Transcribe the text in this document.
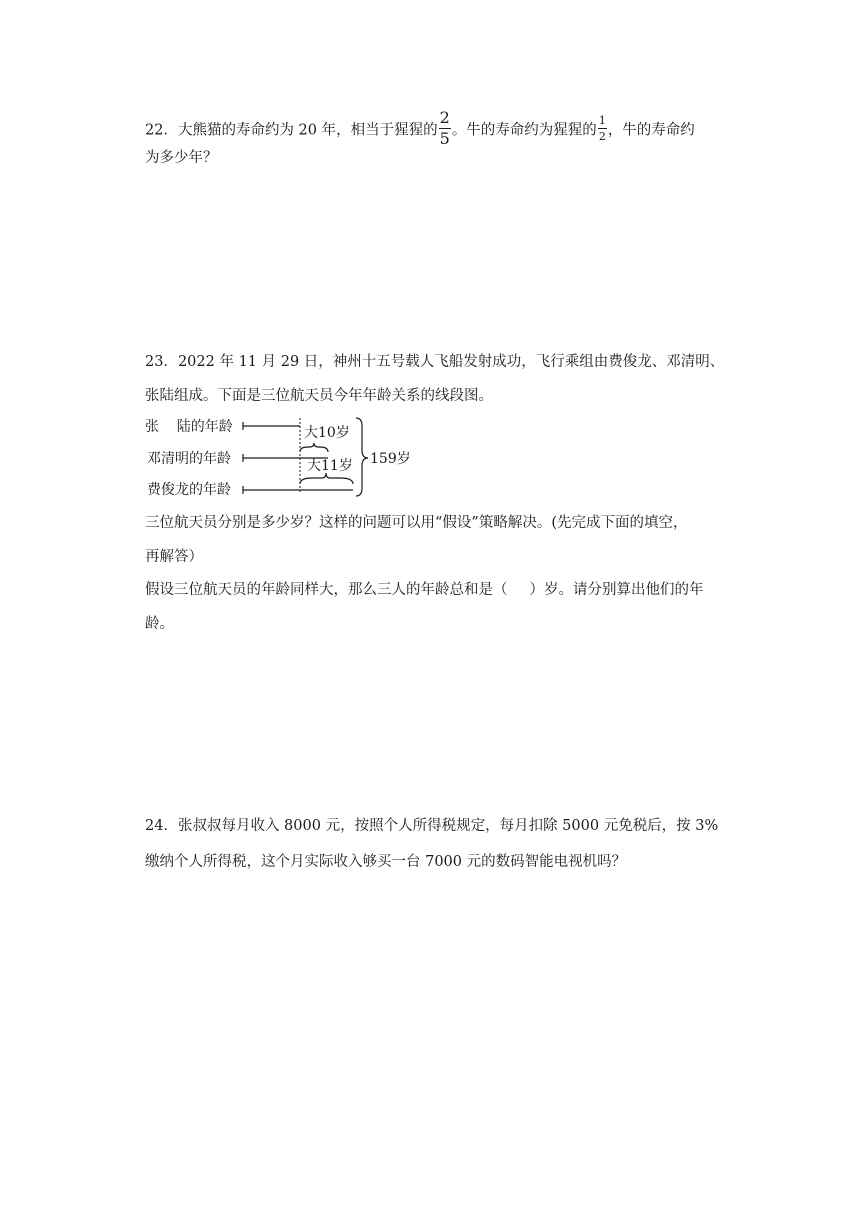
22．大熊猫的寿命约为 20 年，相当于猩猩的 $\frac{2}{5}$ 。牛的寿命约为猩猩的 $\frac{1}{2}$ ，牛的寿命约
为多少年？
23．2022 年 11 月 29 日，神州十五号载人飞船发射成功，飞行乘组由费俊龙、邓清明、
张陆组成。下面是三位航天员今年年龄关系的线段图。
张    陆的年龄
邓清明的年龄
费俊龙的年龄
大10岁
大11岁 159岁
三位航天员分别是多少岁？这样的问题可以用“假设”策略解决。(先完成下面的填空，
再解答）
假设三位航天员的年龄同样大，那么三人的年龄总和是（ ）岁。请分别算出他们的年
龄。
24．张叔叔每月收入 8000 元，按照个人所得税规定，每月扣除 5000 元免税后，按 3%
缴纳个人所得税，这个月实际收入够买一台 7000 元的数码智能电视机吗？
